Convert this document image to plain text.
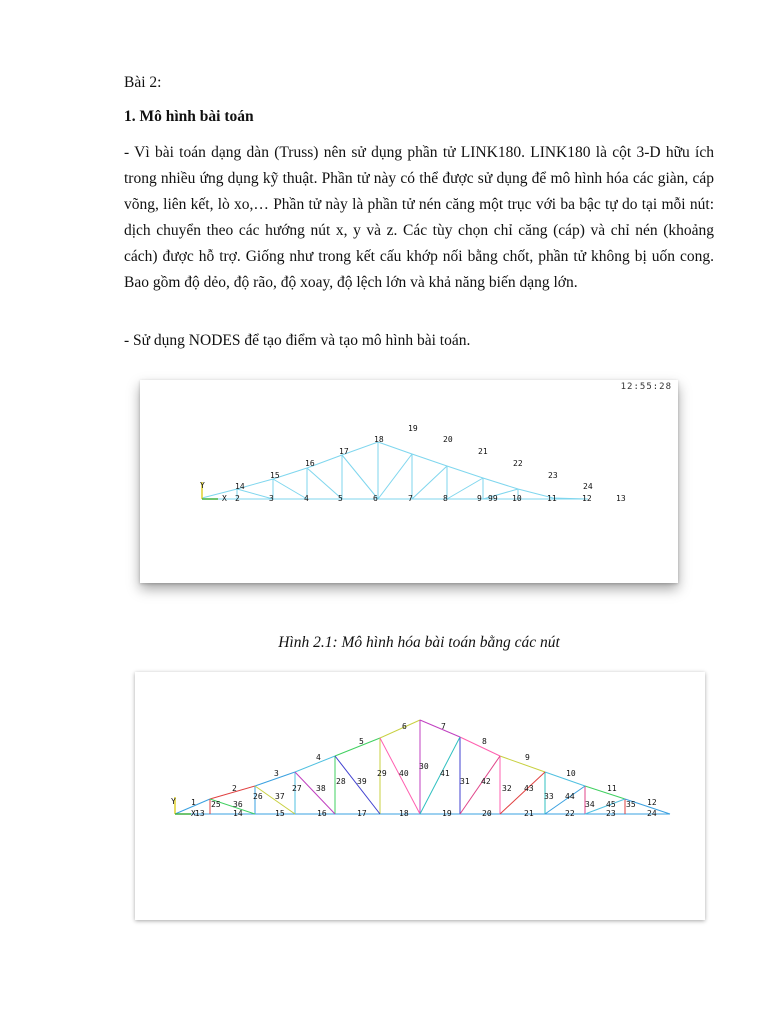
Bài 2:

1. Mô hình bài toán

- Vì bài toán dạng dàn (Truss) nên sử dụng phần tử LINK180. LINK180 là cột 3-D hữu ích trong nhiều ứng dụng kỹ thuật. Phần tử này có thể được sử dụng để mô hình hóa các giàn, cáp võng, liên kết, lò xo,… Phần tử này là phần tử nén căng một trục với ba bậc tự do tại mỗi nút: dịch chuyển theo các hướng nút x, y và z. Các tùy chọn chỉ căng (cáp) và chỉ nén (khoảng cách) được hỗ trợ. Giống như trong kết cấu khớp nối bằng chốt, phần tử không bị uốn cong. Bao gồm độ dẻo, độ rão, độ xoay, độ lệch lớn và khả năng biến dạng lớn.

- Sử dụng NODES để tạo điểm và tạo mô hình bài toán.

12:55:28
Y
X 2	3	4	5	6	7	8	9 99 10	11	12	13
14
15
16
17
18
19
20
21
22
23
24

Hình 2.1: Mô hình hóa bài toán bằng các nút

Y
X
1
2
3
4
5
6	7
8
9
10
11
12
13	14	15	16	17	18	19	20	21	22	23	24
25 36
26 37
27 38
28 39
29 40
30
41
31 42
32 43
33 44
34 45 35
